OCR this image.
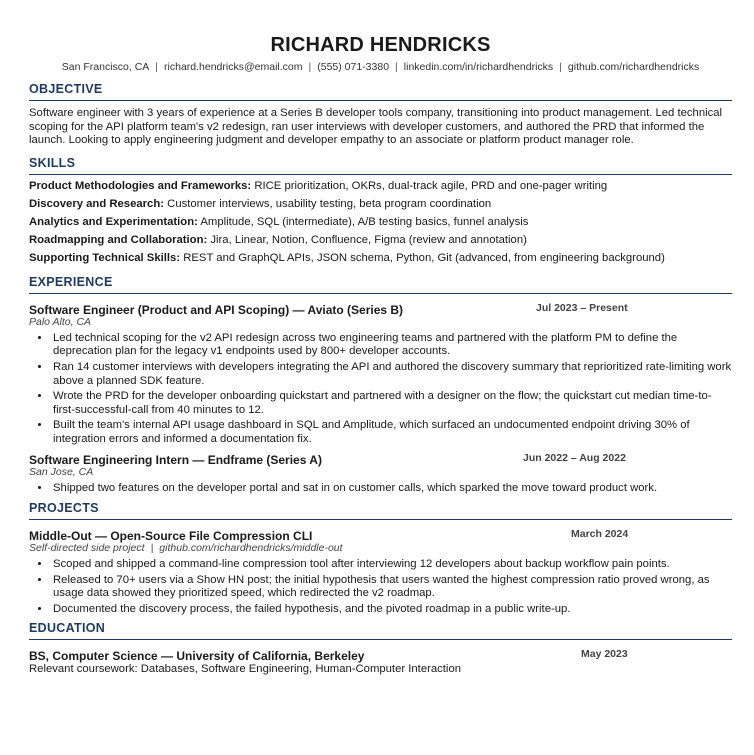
RICHARD HENDRICKS
San Francisco, CA | richard.hendricks@email.com | (555) 071-3380 | linkedin.com/in/richardhendricks | github.com/richardhendricks
OBJECTIVE
Software engineer with 3 years of experience at a Series B developer tools company, transitioning into product management. Led technical scoping for the API platform team's v2 redesign, ran user interviews with developer customers, and authored the PRD that informed the launch. Looking to apply engineering judgment and developer empathy to an associate or platform product manager role.
SKILLS
Product Methodologies and Frameworks: RICE prioritization, OKRs, dual-track agile, PRD and one-pager writing
Discovery and Research: Customer interviews, usability testing, beta program coordination
Analytics and Experimentation: Amplitude, SQL (intermediate), A/B testing basics, funnel analysis
Roadmapping and Collaboration: Jira, Linear, Notion, Confluence, Figma (review and annotation)
Supporting Technical Skills: REST and GraphQL APIs, JSON schema, Python, Git (advanced, from engineering background)
EXPERIENCE
Software Engineer (Product and API Scoping) — Aviato (Series B)	Jul 2023 – Present
Palo Alto, CA
• Led technical scoping for the v2 API redesign across two engineering teams and partnered with the platform PM to define the deprecation plan for the legacy v1 endpoints used by 800+ developer accounts.
• Ran 14 customer interviews with developers integrating the API and authored the discovery summary that reprioritized rate-limiting work above a planned SDK feature.
• Wrote the PRD for the developer onboarding quickstart and partnered with a designer on the flow; the quickstart cut median time-to-first-successful-call from 40 minutes to 12.
• Built the team's internal API usage dashboard in SQL and Amplitude, which surfaced an undocumented endpoint driving 30% of integration errors and informed a documentation fix.
Software Engineering Intern — Endframe (Series A)	Jun 2022 – Aug 2022
San Jose, CA
• Shipped two features on the developer portal and sat in on customer calls, which sparked the move toward product work.
PROJECTS
Middle-Out — Open-Source File Compression CLI	March 2024
Self-directed side project | github.com/richardhendricks/middle-out
• Scoped and shipped a command-line compression tool after interviewing 12 developers about backup workflow pain points.
• Released to 70+ users via a Show HN post; the initial hypothesis that users wanted the highest compression ratio proved wrong, as usage data showed they prioritized speed, which redirected the v2 roadmap.
• Documented the discovery process, the failed hypothesis, and the pivoted roadmap in a public write-up.
EDUCATION
BS, Computer Science — University of California, Berkeley	May 2023
Relevant coursework: Databases, Software Engineering, Human-Computer Interaction
